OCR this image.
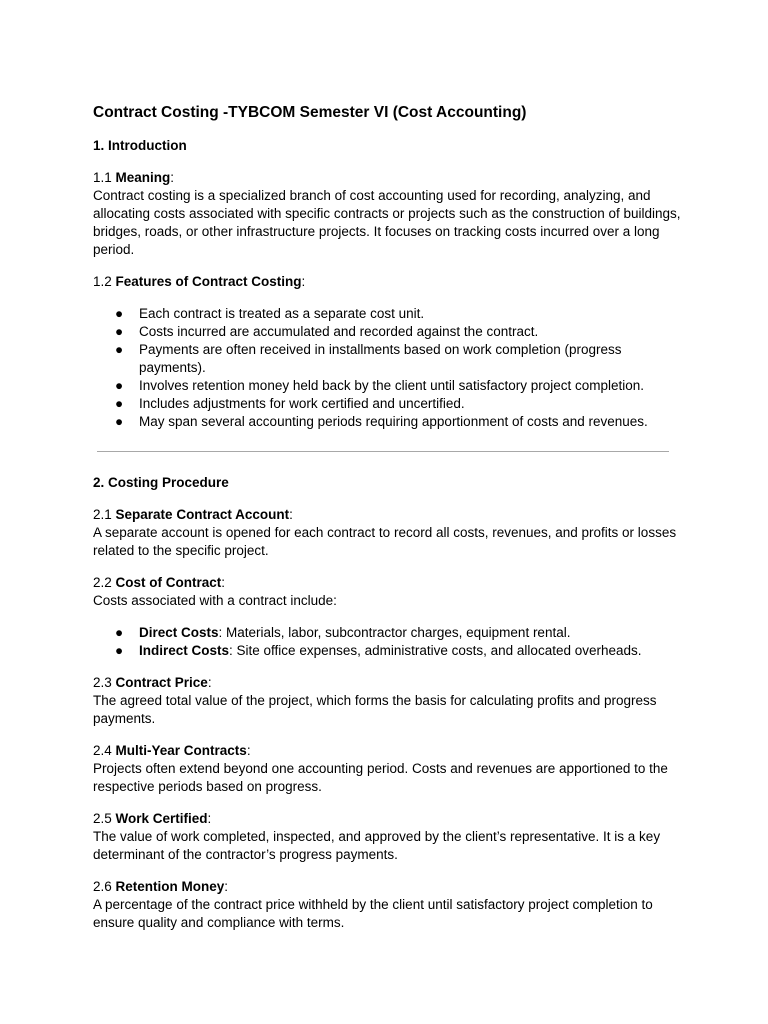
Contract Costing -TYBCOM Semester VI (Cost Accounting)
1. Introduction

1.1 Meaning:

Contract costing is a specialized branch of cost accounting used for recording, analyzing, and allocating costs associated with specific contracts or projects such as the construction of buildings, bridges, roads, or other infrastructure projects. It focuses on tracking costs incurred over a long period.

1.2 Features of Contract Costing:

● Each contract is treated as a separate cost unit.
● Costs incurred are accumulated and recorded against the contract.
● Payments are often received in installments based on work completion (progress payments).
● Involves retention money held back by the client until satisfactory project completion.
● Includes adjustments for work certified and uncertified.
● May span several accounting periods requiring apportionment of costs and revenues.
2. Costing Procedure

2.1 Separate Contract Account:

A separate account is opened for each contract to record all costs, revenues, and profits or losses related to the specific project.

2.2 Cost of Contract:

Costs associated with a contract include:

● Direct Costs: Materials, labor, subcontractor charges, equipment rental.
● Indirect Costs: Site office expenses, administrative costs, and allocated overheads.

2.3 Contract Price:

The agreed total value of the project, which forms the basis for calculating profits and progress payments.

2.4 Multi-Year Contracts:

Projects often extend beyond one accounting period. Costs and revenues are apportioned to the respective periods based on progress.

2.5 Work Certified:

The value of work completed, inspected, and approved by the client’s representative. It is a key determinant of the contractor’s progress payments.

2.6 Retention Money:

A percentage of the contract price withheld by the client until satisfactory project completion to ensure quality and compliance with terms.
